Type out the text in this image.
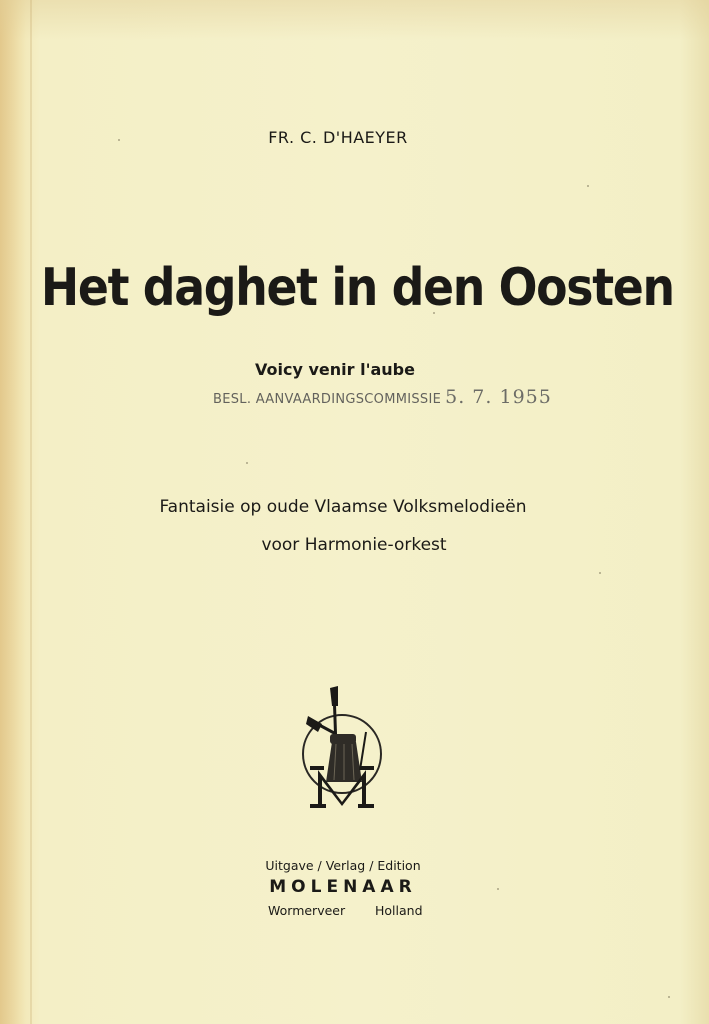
FR. C. D'HAEYER
Het daghet in den Oosten
Voicy venir l'aube
BESL. AANVAARDINGSCOMMISSIE 5. 7. 1955
Fantaisie op oude Vlaamse Volksmelodieën
voor Harmonie-orkest
Uitgave / Verlag / Edition
MOLENAAR
Wormerveer Holland
